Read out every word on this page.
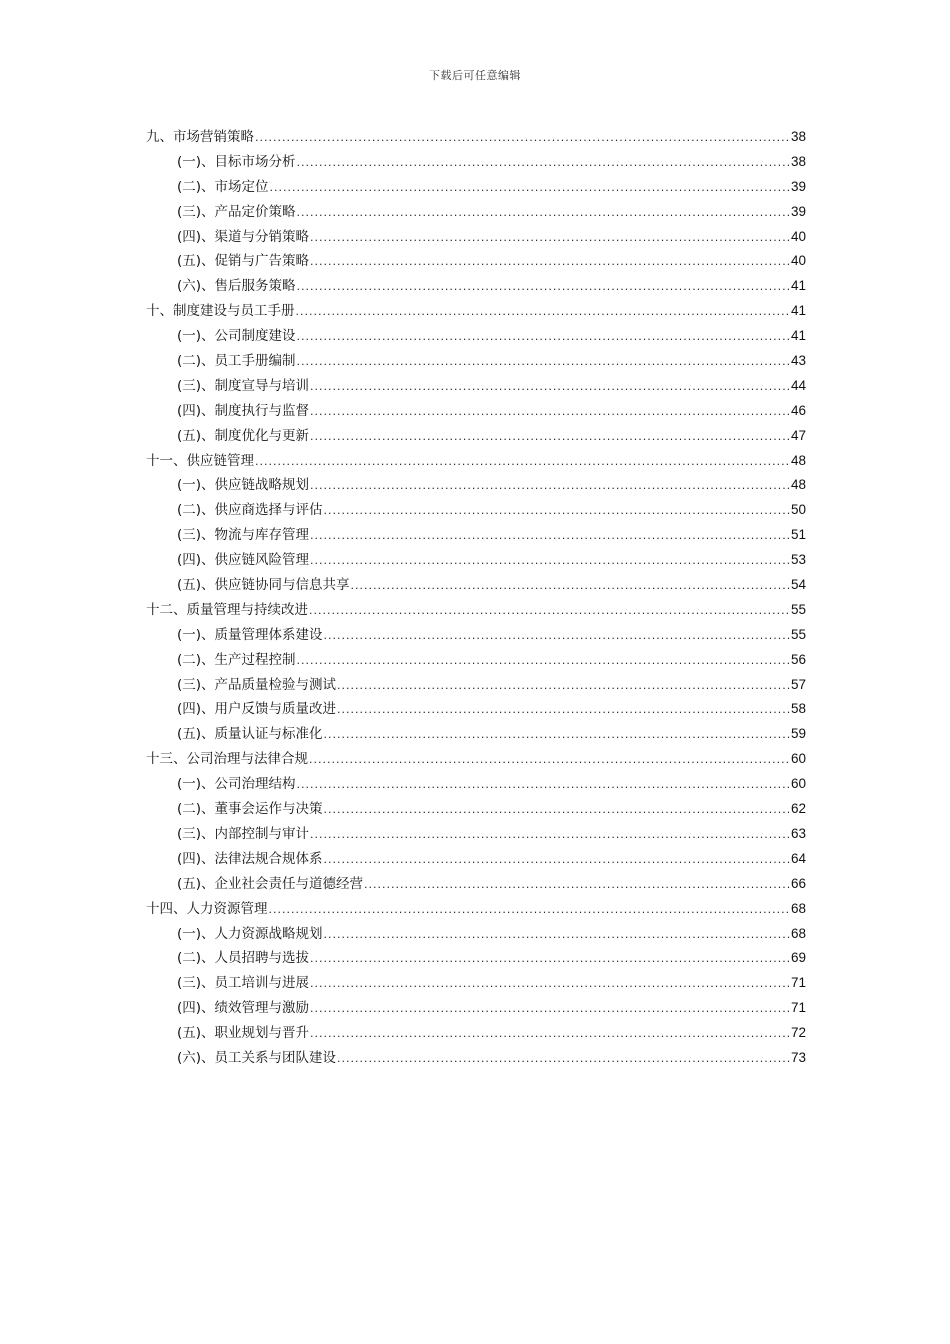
下载后可任意编辑
九、市场营销策略 .....	38
(一)、目标市场分析 .....	38
(二)、市场定位 .....	39
(三)、产品定价策略 .....	39
(四)、渠道与分销策略 .....	40
(五)、促销与广告策略 .....	40
(六)、售后服务策略 .....	41
十、制度建设与员工手册 .....	41
(一)、公司制度建设 .....	41
(二)、员工手册编制 .....	43
(三)、制度宣导与培训 .....	44
(四)、制度执行与监督 .....	46
(五)、制度优化与更新 .....	47
十一、供应链管理 .....	48
(一)、供应链战略规划 .....	48
(二)、供应商选择与评估 .....	50
(三)、物流与库存管理 .....	51
(四)、供应链风险管理 .....	53
(五)、供应链协同与信息共享 .....	54
十二、质量管理与持续改进 .....	55
(一)、质量管理体系建设 .....	55
(二)、生产过程控制 .....	56
(三)、产品质量检验与测试 .....	57
(四)、用户反馈与质量改进 .....	58
(五)、质量认证与标准化 .....	59
十三、公司治理与法律合规 .....	60
(一)、公司治理结构 .....	60
(二)、董事会运作与决策 .....	62
(三)、内部控制与审计 .....	63
(四)、法律法规合规体系 .....	64
(五)、企业社会责任与道德经营 .....	66
十四、人力资源管理 .....	68
(一)、人力资源战略规划 .....	68
(二)、人员招聘与选拔 .....	69
(三)、员工培训与进展 .....	71
(四)、绩效管理与激励 .....	71
(五)、职业规划与晋升 .....	72
(六)、员工关系与团队建设 .....	73
